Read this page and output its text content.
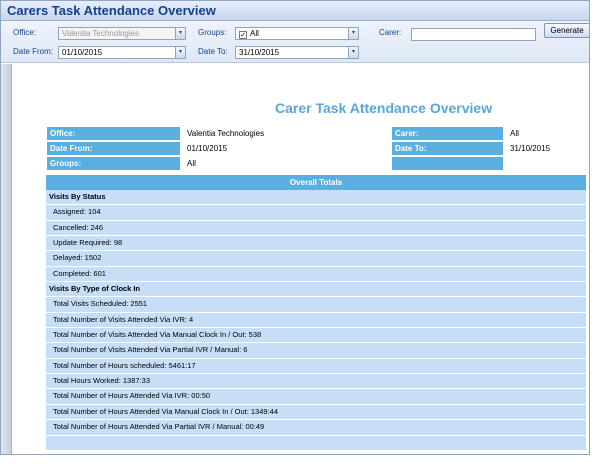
Carers Task Attendance Overview
Office:	Valentia Technologies	▾	Groups:	✓ All	▾	Carer:
Date From:	01/10/2015	▾	Date To:	31/10/2015	▾
Generate
Carer Task Attendance Overview
Office:	Valentia Technologies
Date From:	01/10/2015
Groups:	All
Carer:	All
Date To:	31/10/2015
Overall Totals
Visits By Status
Assigned: 104
Cancelled: 246
Update Required: 98
Delayed: 1502
Completed: 601
Visits By Type of Clock In
Total Visits Scheduled: 2551
Total Number of Visits Attended Via IVR: 4
Total Number of Visits Attended Via Manual Clock In / Out: 538
Total Number of Visits Attended Via Partial IVR / Manual: 6
Total Number of Hours scheduled: 5461:17
Total Hours Worked: 1387:33
Total Number of Hours Attended Via IVR: 00:50
Total Number of Hours Attended Via Manual Clock In / Out: 1349:44
Total Number of Hours Attended Via Partial IVR / Manual: 00:49
